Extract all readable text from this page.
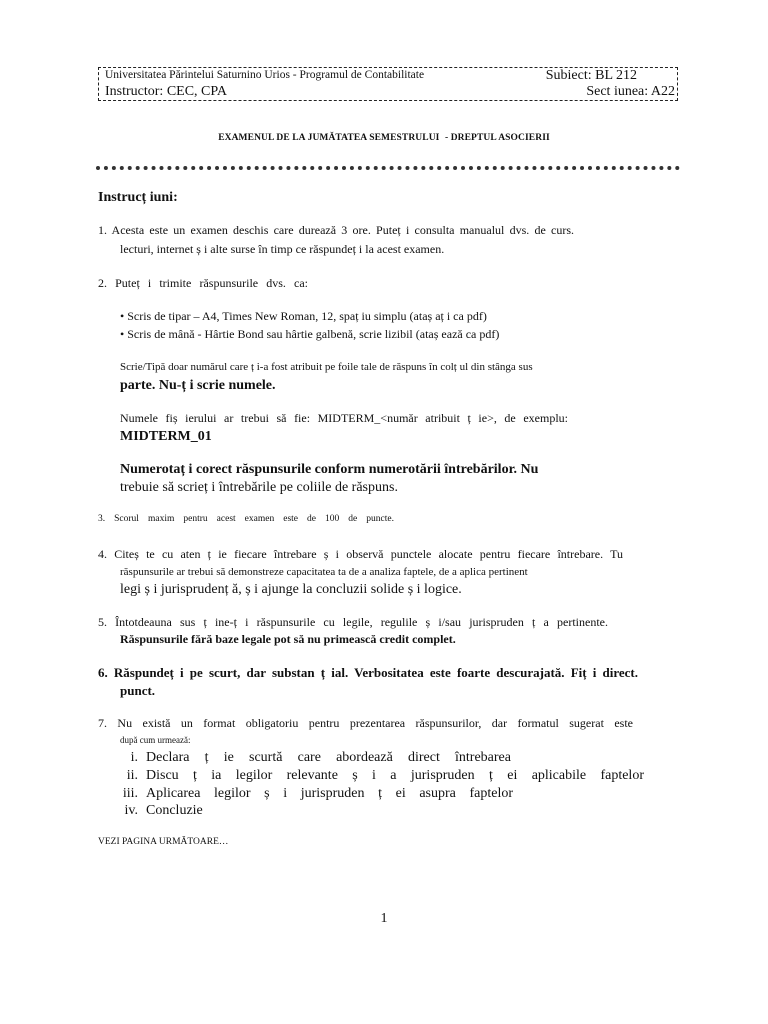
Universitatea Părintelui Saturnino Urios - Programul de Contabilitate	Subiect: BL 212
Instructor: CEC, CPA	Sect iunea: A22
EXAMENUL DE LA JUMĂTATEA SEMESTRULUI - DREPTUL ASOCIERII
Instrucț iuni:
1. Acesta este un examen deschis care durează 3 ore. Puteț i consulta manualul dvs. de curs.
lecturi, internet ș i alte surse în timp ce răspundeț i la acest examen.
2. Puteț i trimite răspunsurile dvs. ca:
• Scris de tipar – A4, Times New Roman, 12, spaț iu simplu (ataș aț i ca pdf)
• Scris de mână - Hârtie Bond sau hârtie galbenă, scrie lizibil (ataș ează ca pdf)
Scrie/Tipă doar numărul care ț i-a fost atribuit pe foile tale de răspuns în colț ul din stânga sus
parte. Nu-ț i scrie numele.
Numele fiș ierului ar trebui să fie: MIDTERM_<număr atribuit ț ie>, de exemplu:
MIDTERM_01
Numerotaț i corect răspunsurile conform numerotării întrebărilor. Nu
trebuie să scrieț i întrebările pe coliile de răspuns.
3. Scorul maxim pentru acest examen este de 100 de puncte.
4. Citeș te cu aten ț ie fiecare întrebare ș i observă punctele alocate pentru fiecare întrebare. Tu
răspunsurile ar trebui să demonstreze capacitatea ta de a analiza faptele, de a aplica pertinent
legi ș i jurisprudenț ă, ș i ajunge la concluzii solide ș i logice.
5. Întotdeauna sus ț ine-ț i răspunsurile cu legile, regulile ș i/sau jurispruden ț a pertinente.
Răspunsurile fără baze legale pot să nu primească credit complet.
6. Răspundeț i pe scurt, dar substan ț ial. Verbositatea este foarte descurajată. Fiț i direct.
punct.
7. Nu există un format obligatoriu pentru prezentarea răspunsurilor, dar formatul sugerat este
după cum urmează:
i. Declara ț ie scurtă care abordează direct întrebarea
ii. Discu ț ia legilor relevante ș i a jurispruden ț ei aplicabile faptelor
iii. Aplicarea legilor ș i jurispruden ț ei asupra faptelor
iv. Concluzie
VEZI PAGINA URMĂTOARE…
1
